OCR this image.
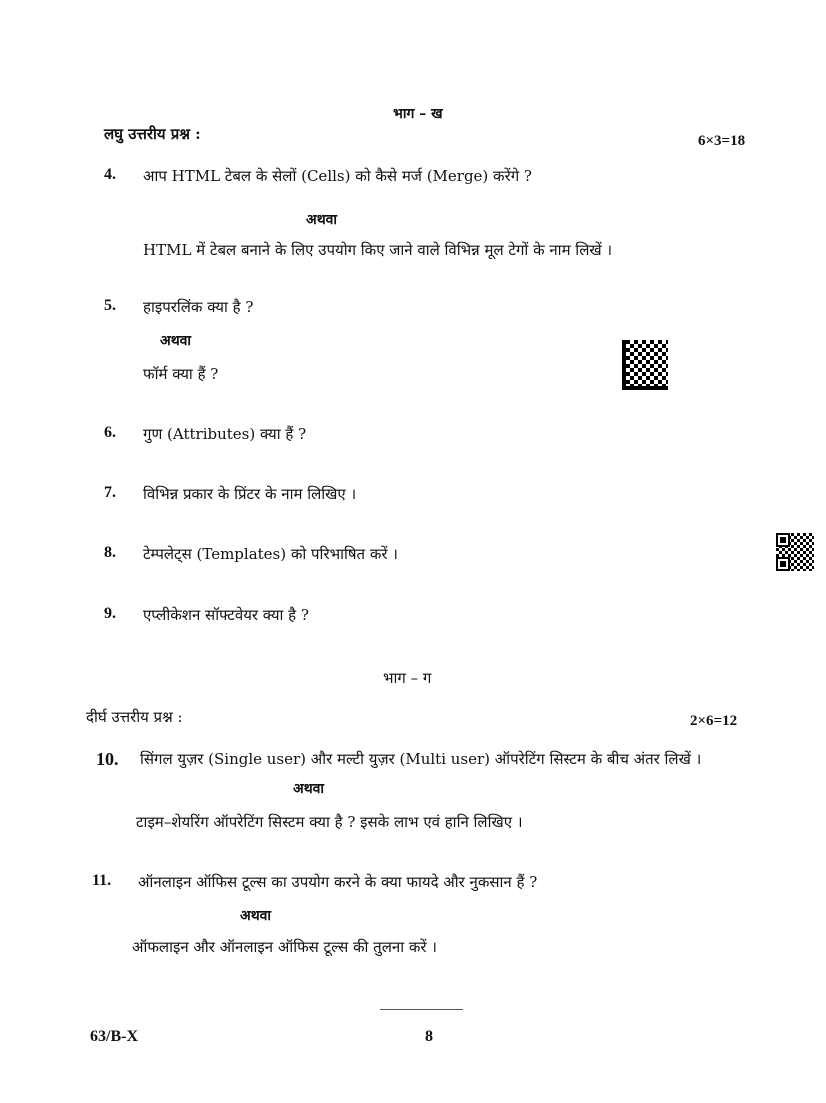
भाग – ख
लघु उत्तरीय प्रश्न :	6×3=18
4. आप HTML टेबल के सेलों (Cells) को कैसे मर्ज (Merge) करेंगे ?
अथवा
HTML में टेबल बनाने के लिए उपयोग किए जाने वाले विभिन्न मूल टेगों के नाम लिखें ।
5. हाइपरलिंक क्या है ?
अथवा
फॉर्म क्या हैं ?
6. गुण (Attributes) क्या हैं ?
7. विभिन्न प्रकार के प्रिंटर के नाम लिखिए ।
8. टेम्पलेट्स (Templates) को परिभाषित करें ।
9. एप्लीकेशन सॉफ्टवेयर क्या है ?
भाग – ग
दीर्घ उत्तरीय प्रश्न :	2×6=12
10. सिंगल युज़र (Single user) और मल्टी युज़र (Multi user) ऑपरेटिंग सिस्टम के बीच अंतर लिखें ।
अथवा
टाइम–शेयरिंग ऑपरेटिंग सिस्टम क्या है ? इसके लाभ एवं हानि लिखिए ।
11. ऑनलाइन ऑफिस टूल्स का उपयोग करने के क्या फायदे और नुकसान हैं ?
अथवा
ऑफलाइन और ऑनलाइन ऑफिस टूल्स की तुलना करें ।
63/B-X	8
